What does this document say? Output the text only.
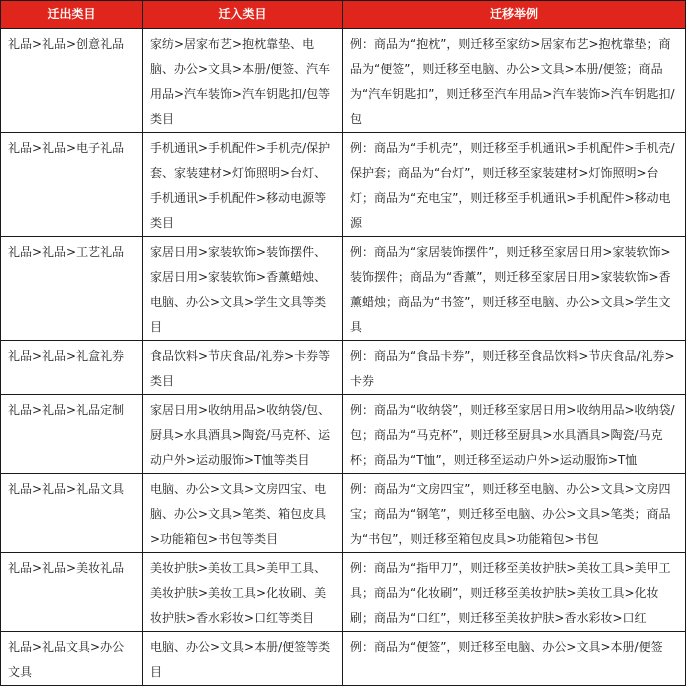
迁出类目	迁入类目	迁移举例
礼品>礼品>创意礼品	家纺>居家布艺>抱枕靠垫、电脑、办公>文具>本册/便签、汽车用品>汽车装饰>汽车钥匙扣/包等类目	例：商品为“抱枕”，则迁移至家纺>居家布艺>抱枕靠垫；商品为“便签”，则迁移至电脑、办公>文具>本册/便签；商品为“汽车钥匙扣”，则迁移至汽车用品>汽车装饰>汽车钥匙扣/包
礼品>礼品>电子礼品	手机通讯>手机配件>手机壳/保护套、家装建材>灯饰照明>台灯、手机通讯>手机配件>移动电源等类目	例：商品为“手机壳”，则迁移至手机通讯>手机配件>手机壳/保护套；商品为“台灯”，则迁移至家装建材>灯饰照明>台灯；商品为“充电宝”，则迁移至手机通讯>手机配件>移动电源
礼品>礼品>工艺礼品	家居日用>家装软饰>装饰摆件、家居日用>家装软饰>香薰蜡烛、电脑、办公>文具>学生文具等类目	例：商品为“家居装饰摆件”，则迁移至家居日用>家装软饰>装饰摆件；商品为“香薰”，则迁移至家居日用>家装软饰>香薰蜡烛；商品为“书签”，则迁移至电脑、办公>文具>学生文具
礼品>礼品>礼盒礼券	食品饮料>节庆食品/礼券>卡券等类目	例：商品为“食品卡券”，则迁移至食品饮料>节庆食品/礼券>卡券
礼品>礼品>礼品定制	家居日用>收纳用品>收纳袋/包、厨具>水具酒具>陶瓷/马克杯、运动户外>运动服饰>T恤等类目	例：商品为“收纳袋”，则迁移至家居日用>收纳用品>收纳袋/包；商品为“马克杯”，则迁移至厨具>水具酒具>陶瓷/马克杯；商品为“T恤”，则迁移至运动户外>运动服饰>T恤
礼品>礼品>礼品文具	电脑、办公>文具>文房四宝、电脑、办公>文具>笔类、箱包皮具>功能箱包>书包等类目	例：商品为“文房四宝”，则迁移至电脑、办公>文具>文房四宝；商品为“钢笔”，则迁移至电脑、办公>文具>笔类；商品为“书包”，则迁移至箱包皮具>功能箱包>书包
礼品>礼品>美妆礼品	美妆护肤>美妆工具>美甲工具、美妆护肤>美妆工具>化妆刷、美妆护肤>香水彩妆>口红等类目	例：商品为“指甲刀”，则迁移至美妆护肤>美妆工具>美甲工具；商品为“化妆刷”，则迁移至美妆护肤>美妆工具>化妆刷；商品为“口红”，则迁移至美妆护肤>香水彩妆>口红
礼品>礼品文具>办公文具	电脑、办公>文具>本册/便签等类目	例：商品为“便签”，则迁移至电脑、办公>文具>本册/便签
